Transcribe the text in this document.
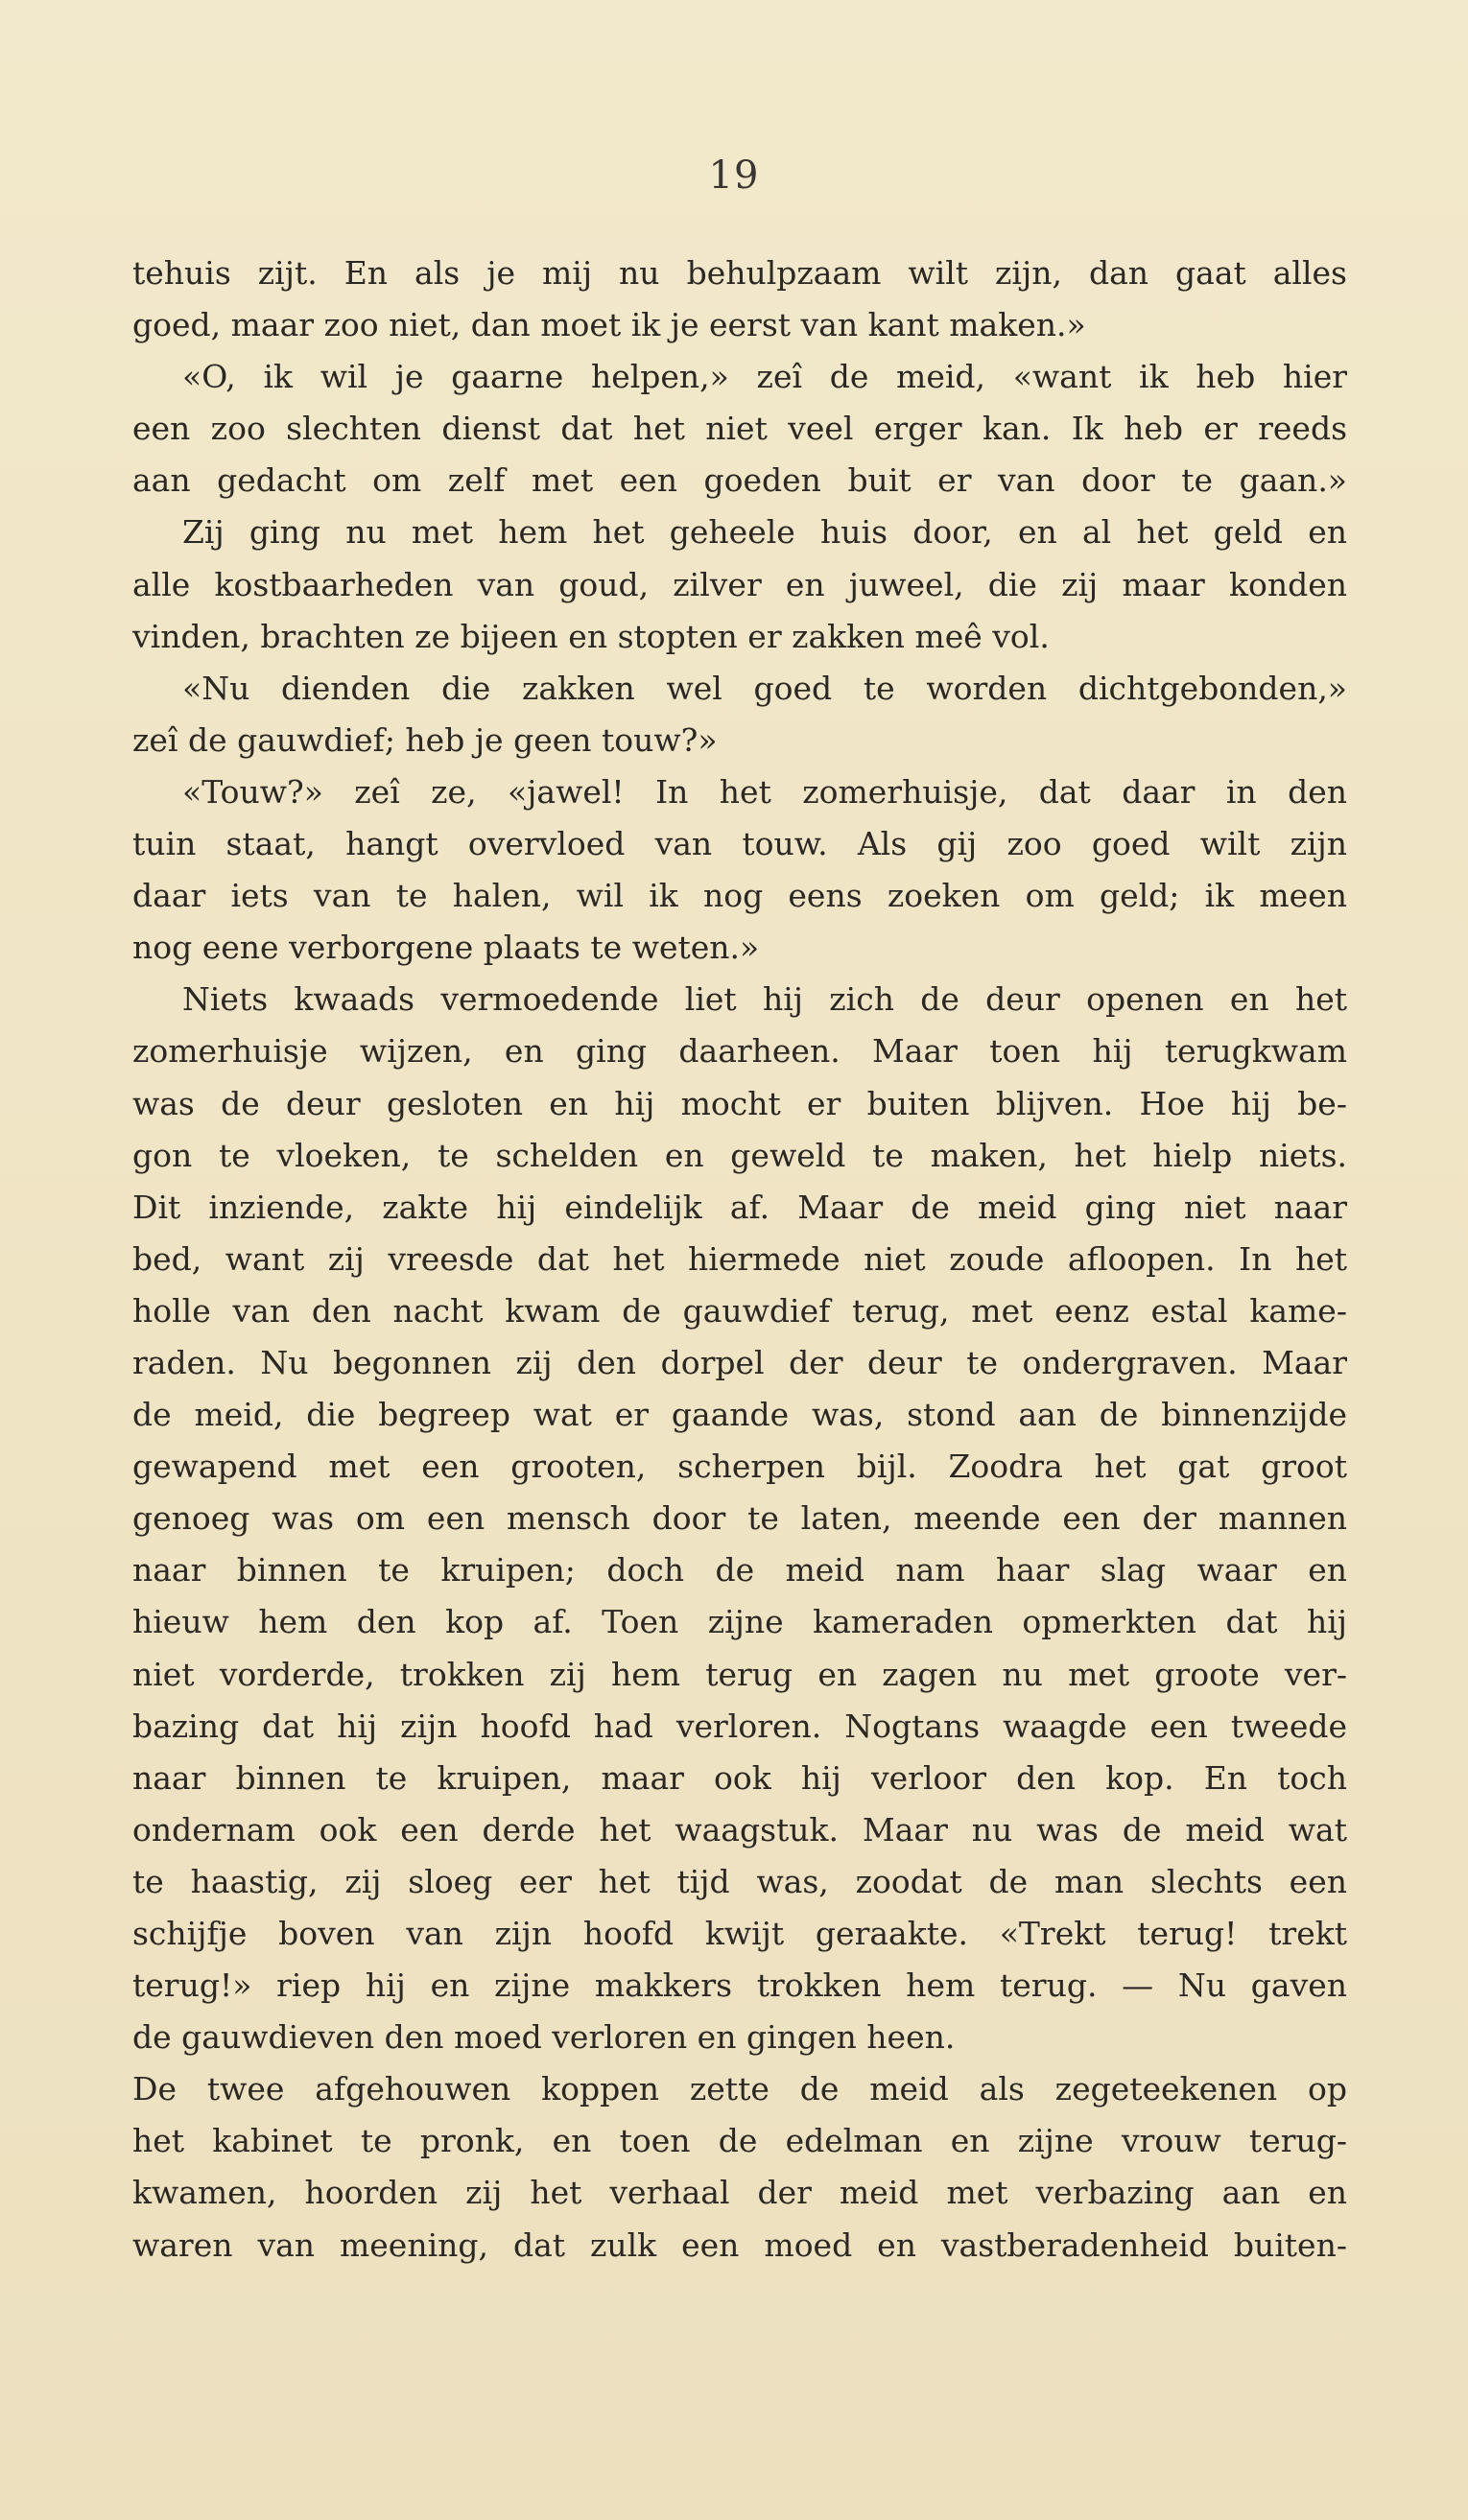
19
tehuis zijt. En als je mij nu behulpzaam wilt zijn, dan gaat alles
goed, maar zoo niet, dan moet ik je eerst van kant maken.»
«O, ik wil je gaarne helpen,» zeî de meid, «want ik heb hier
een zoo slechten dienst dat het niet veel erger kan. Ik heb er reeds
aan gedacht om zelf met een goeden buit er van door te gaan.»
Zij ging nu met hem het geheele huis door, en al het geld en
alle kostbaarheden van goud, zilver en juweel, die zij maar konden
vinden, brachten ze bijeen en stopten er zakken meê vol.
«Nu dienden die zakken wel goed te worden dichtgebonden,»
zeî de gauwdief; heb je geen touw?»
«Touw?» zeî ze, «jawel! In het zomerhuisje, dat daar in den
tuin staat, hangt overvloed van touw. Als gij zoo goed wilt zijn
daar iets van te halen, wil ik nog eens zoeken om geld; ik meen
nog eene verborgene plaats te weten.»
Niets kwaads vermoedende liet hij zich de deur openen en het
zomerhuisje wijzen, en ging daarheen. Maar toen hij terugkwam
was de deur gesloten en hij mocht er buiten blijven. Hoe hij be-
gon te vloeken, te schelden en geweld te maken, het hielp niets.
Dit inziende, zakte hij eindelijk af. Maar de meid ging niet naar
bed, want zij vreesde dat het hiermede niet zoude afloopen. In het
holle van den nacht kwam de gauwdief terug, met eenz estal kame-
raden. Nu begonnen zij den dorpel der deur te ondergraven. Maar
de meid, die begreep wat er gaande was, stond aan de binnenzijde
gewapend met een grooten, scherpen bijl. Zoodra het gat groot
genoeg was om een mensch door te laten, meende een der mannen
naar binnen te kruipen; doch de meid nam haar slag waar en
hieuw hem den kop af. Toen zijne kameraden opmerkten dat hij
niet vorderde, trokken zij hem terug en zagen nu met groote ver-
bazing dat hij zijn hoofd had verloren. Nogtans waagde een tweede
naar binnen te kruipen, maar ook hij verloor den kop. En toch
ondernam ook een derde het waagstuk. Maar nu was de meid wat
te haastig, zij sloeg eer het tijd was, zoodat de man slechts een
schijfje boven van zijn hoofd kwijt geraakte. «Trekt terug! trekt
terug!» riep hij en zijne makkers trokken hem terug. — Nu gaven
de gauwdieven den moed verloren en gingen heen.
De twee afgehouwen koppen zette de meid als zegeteekenen op
het kabinet te pronk, en toen de edelman en zijne vrouw terug-
kwamen, hoorden zij het verhaal der meid met verbazing aan en
waren van meening, dat zulk een moed en vastberadenheid buiten-
